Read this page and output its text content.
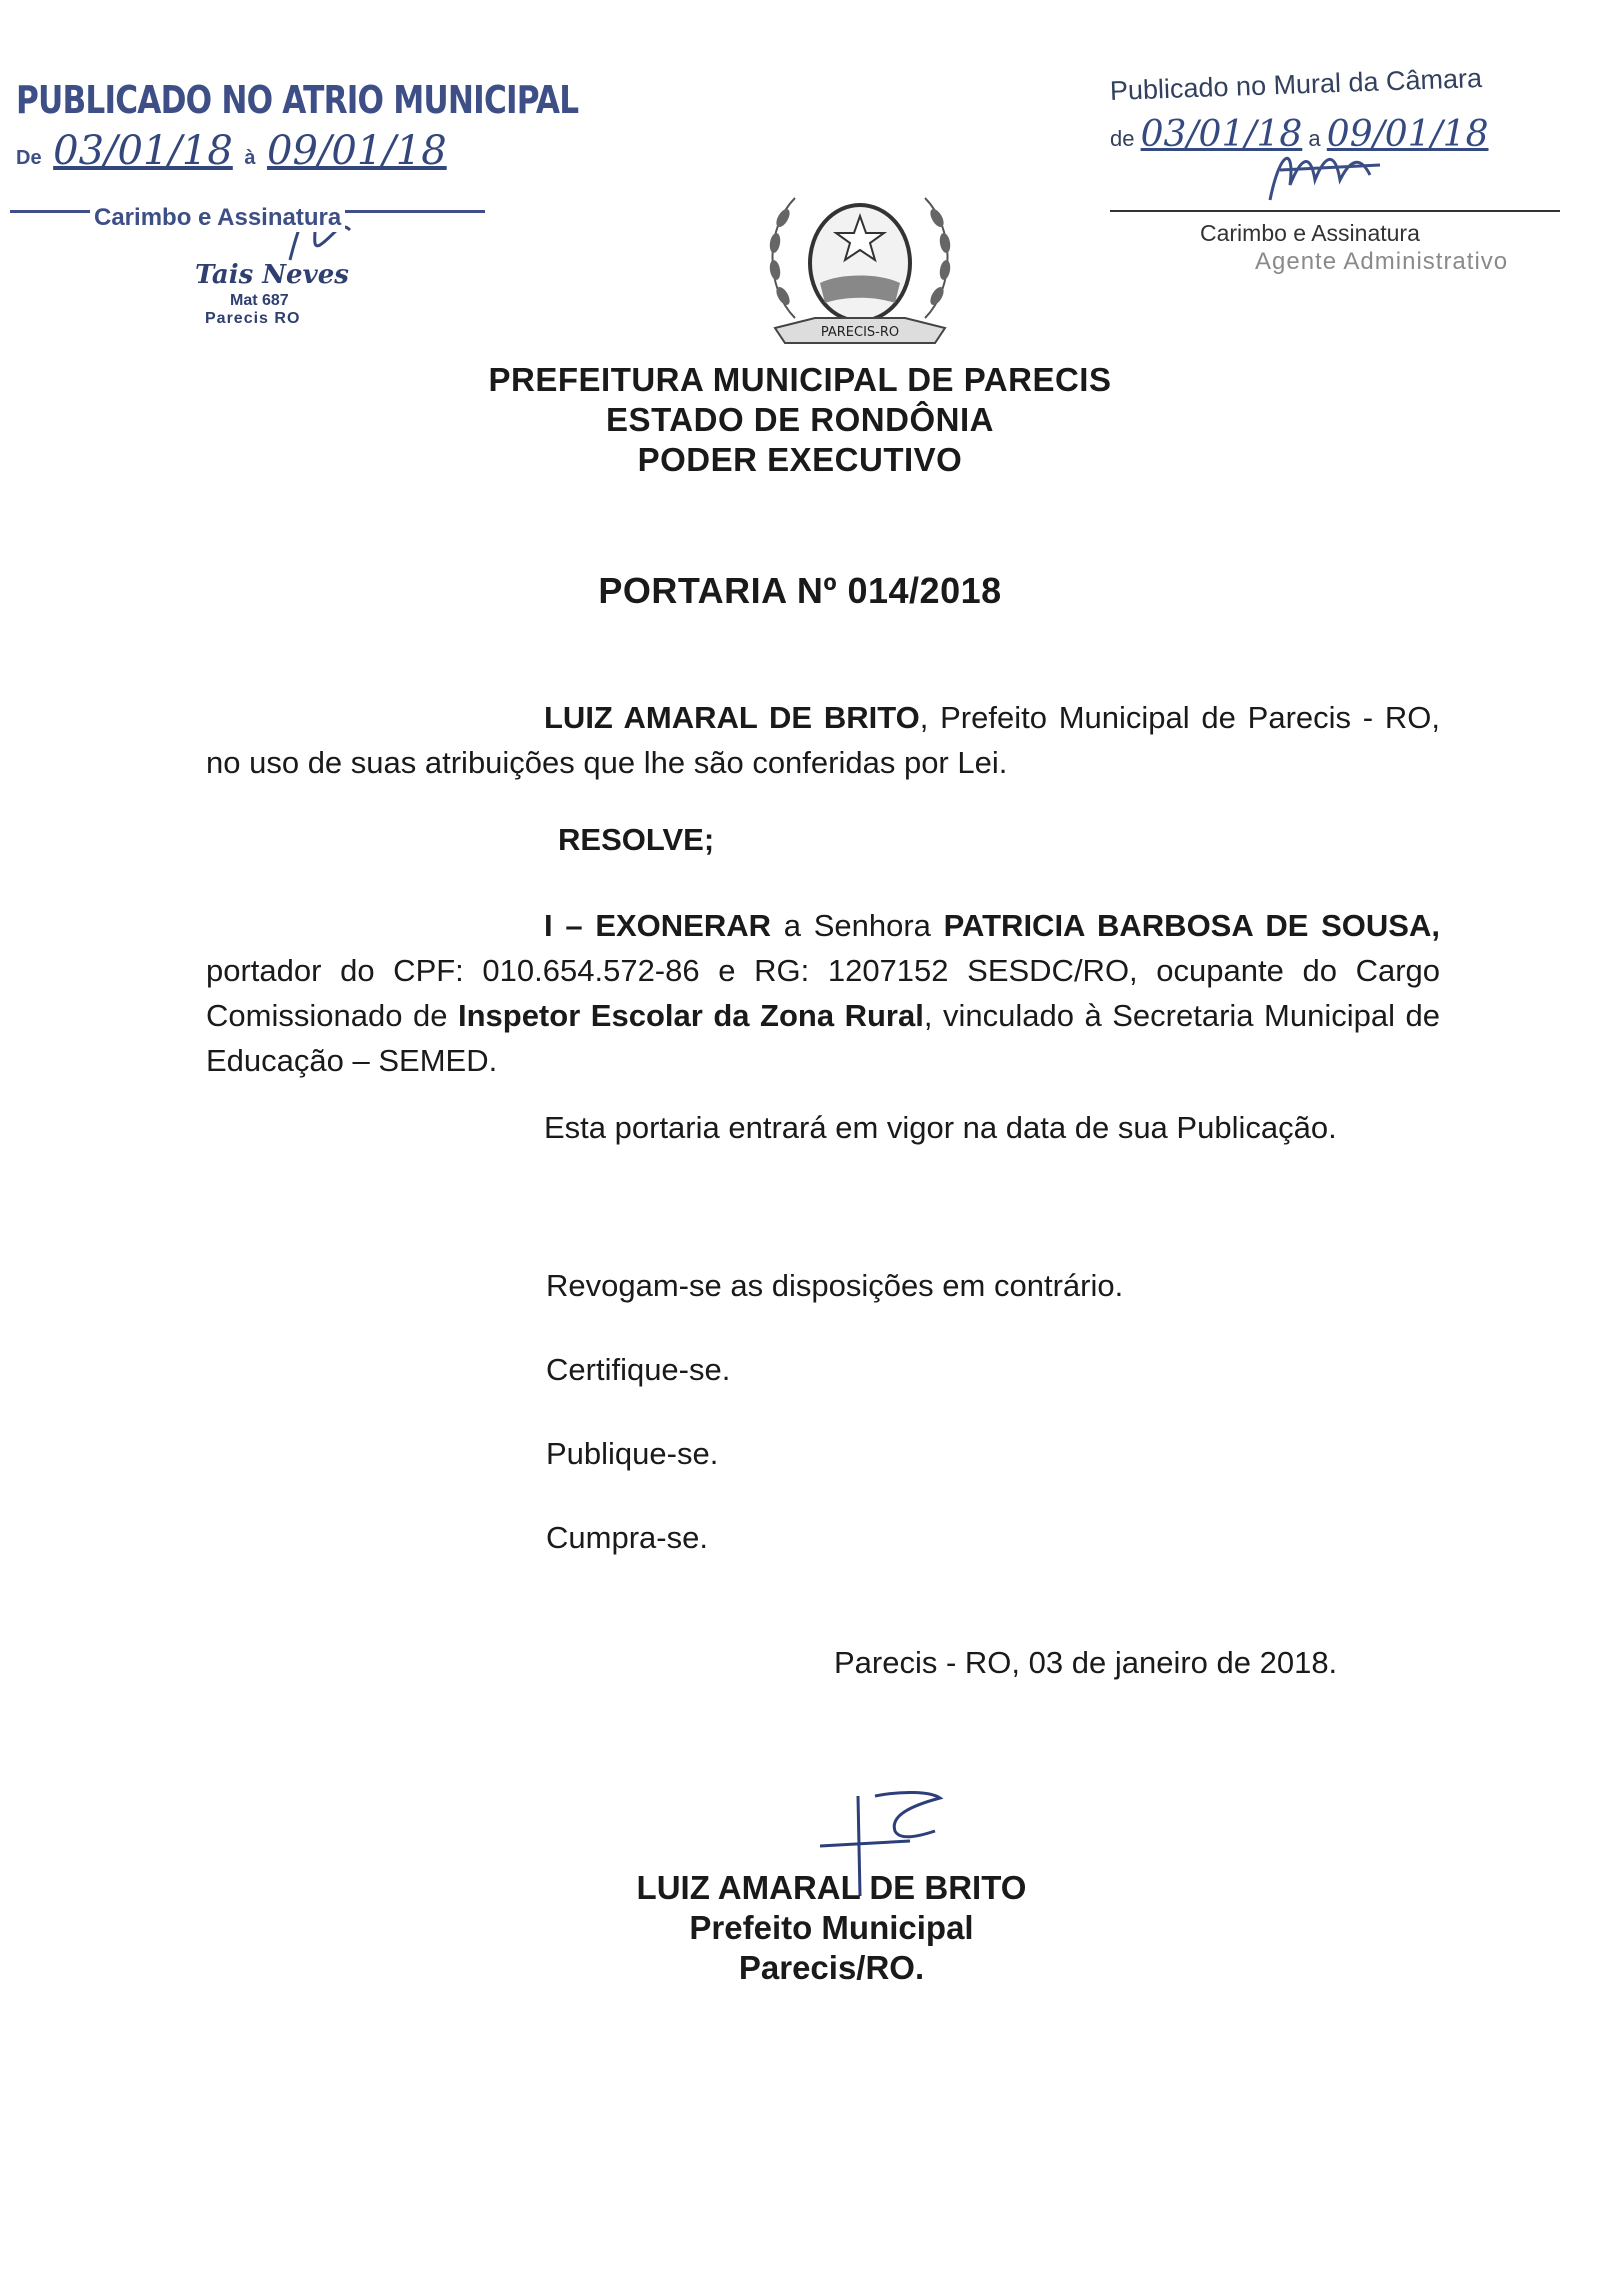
PUBLICADO NO ATRIO MUNICIPAL
De 03/01/18 à 09/01/18
Carimbo e Assinatura
Tais Neves
Mat 687
Parecis RO
Publicado no Mural da Câmara
de 03/01/18 a 09/01/18
Carimbo e Assinatura
Agente Administrativo
PARECIS-RO
PREFEITURA MUNICIPAL DE PARECIS
ESTADO DE RONDÔNIA
PODER EXECUTIVO
PORTARIA Nº 014/2018
LUIZ AMARAL DE BRITO, Prefeito Municipal de Parecis - RO, no uso de suas atribuições que lhe são conferidas por Lei.
RESOLVE;
I – EXONERAR a Senhora PATRICIA BARBOSA DE SOUSA, portador do CPF: 010.654.572-86 e RG: 1207152 SESDC/RO, ocupante do Cargo Comissionado de Inspetor Escolar da Zona Rural, vinculado à Secretaria Municipal de Educação – SEMED.
Esta portaria entrará em vigor na data de sua Publicação.
Revogam-se as disposições em contrário.
Certifique-se.
Publique-se.
Cumpra-se.
Parecis - RO, 03 de janeiro de 2018.
LUIZ AMARAL DE BRITO
Prefeito Municipal
Parecis/RO.
